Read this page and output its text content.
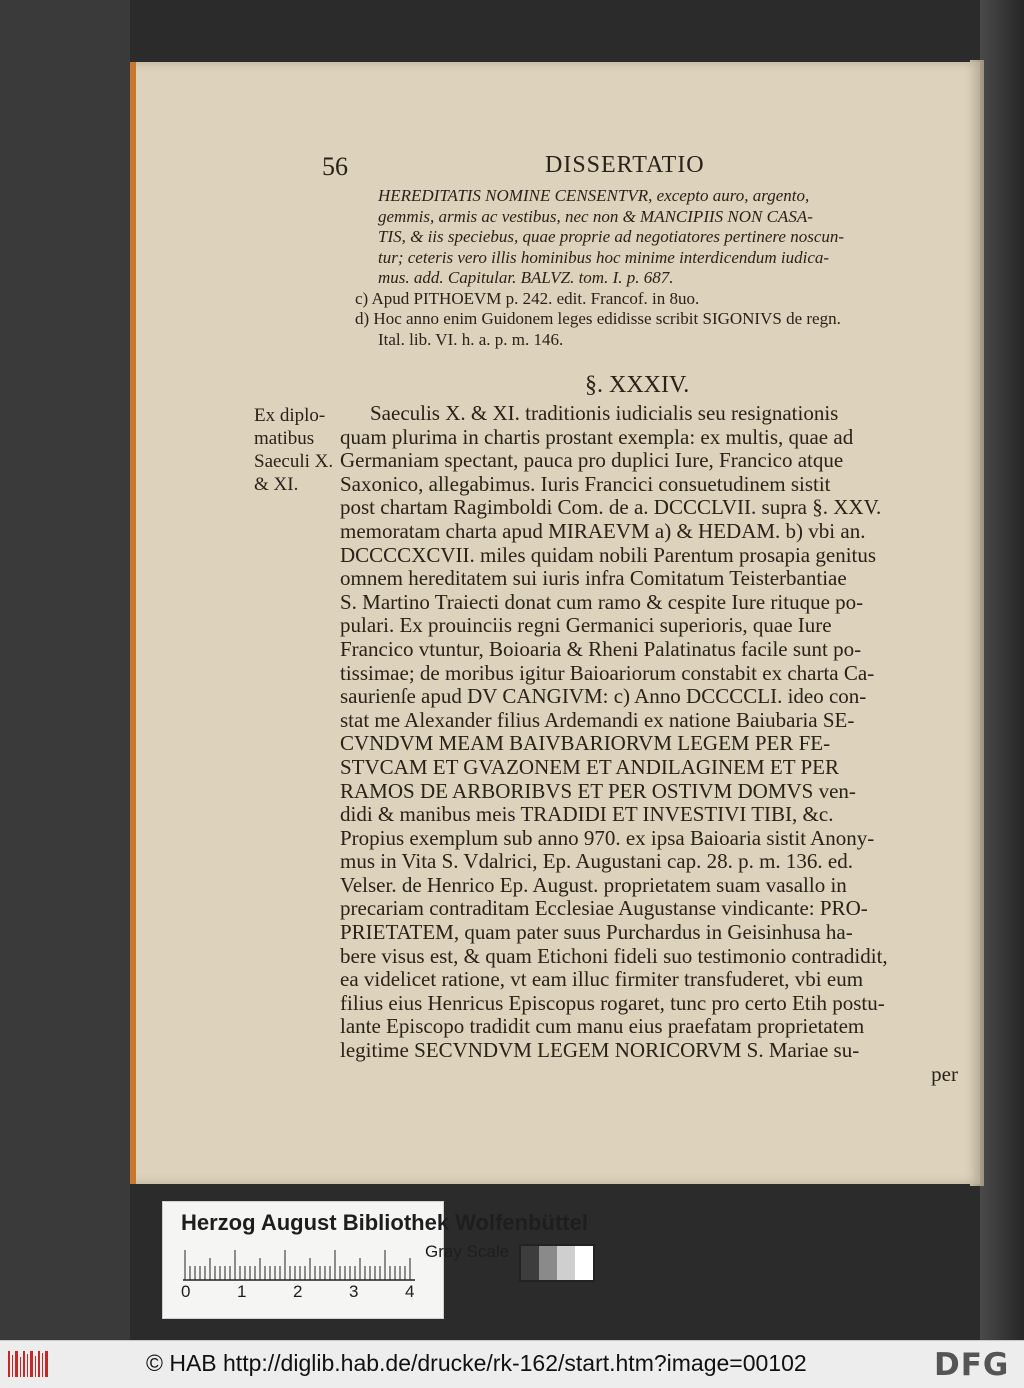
56	DISSERTATIO
HEREDITATIS NOMINE CENSENTVR, excepto auro, argento,
gemmis, armis ac vestibus, nec non & MANCIPIIS NON CASA-
TIS, & iis speciebus, quae proprie ad negotiatores pertinere noscun-
tur; ceteris vero illis hominibus hoc minime interdicendum iudica-
mus. add. Capitular. BALVZ. tom. I. p. 687.
c) Apud PITHOEVM p. 242. edit. Francof. in 8uo.
d) Hoc anno enim Guidonem leges edidisse scribit SIGONIVS de regn.
Ital. lib. VI. h. a. p. m. 146.
§. XXXIV.
Ex diplo-
matibus
Saeculi X.
& XI.
Saeculis X. & XI. traditionis iudicialis seu resignationis
quam plurima in chartis prostant exempla: ex multis, quae ad
Germaniam spectant, pauca pro duplici Iure, Francico atque
Saxonico, allegabimus. Iuris Francici consuetudinem sistit
post chartam Ragimboldi Com. de a. DCCCLVII. supra §. XXV.
memoratam charta apud MIRAEVM a) & HEDAM. b) vbi an.
DCCCCXCVII. miles quidam nobili Parentum prosapia genitus
omnem hereditatem sui iuris infra Comitatum Teisterbantiae
S. Martino Traiecti donat cum ramo & cespite Iure rituque po-
pulari. Ex prouinciis regni Germanici superioris, quae Iure
Francico vtuntur, Boioaria & Rheni Palatinatus facile sunt po-
tissimae; de moribus igitur Baioariorum constabit ex charta Ca-
saurienſe apud DV CANGIVM: c) Anno DCCCCLI. ideo con-
stat me Alexander filius Ardemandi ex natione Baiubaria SE-
CVNDVM MEAM BAIVBARIORVM LEGEM PER FE-
STVCAM ET GVAZONEM ET ANDILAGINEM ET PER
RAMOS DE ARBORIBVS ET PER OSTIVM DOMVS ven-
didi & manibus meis TRADIDI ET INVESTIVI TIBI, &c.
Propius exemplum sub anno 970. ex ipsa Baioaria sistit Anony-
mus in Vita S. Vdalrici, Ep. Augustani cap. 28. p. m. 136. ed.
Velser. de Henrico Ep. August. proprietatem suam vasallo in
precariam contraditam Ecclesiae Augustanse vindicante: PRO-
PRIETATEM, quam pater suus Purchardus in Geisinhusa ha-
bere visus est, & quam Etichoni fideli suo testimonio contradidit,
ea videlicet ratione, vt eam illuc firmiter transfuderet, vbi eum
filius eius Henricus Episcopus rogaret, tunc pro certo Etih postu-
lante Episcopo tradidit cum manu eius praefatam proprietatem
legitime SECVNDVM LEGEM NORICORVM S. Mariae su-
per
Herzog August Bibliothek Wolfenbüttel
0	1	2	3	4
Gray Scale
© HAB http://diglib.hab.de/drucke/rk-162/start.htm?image=00102	DFG
